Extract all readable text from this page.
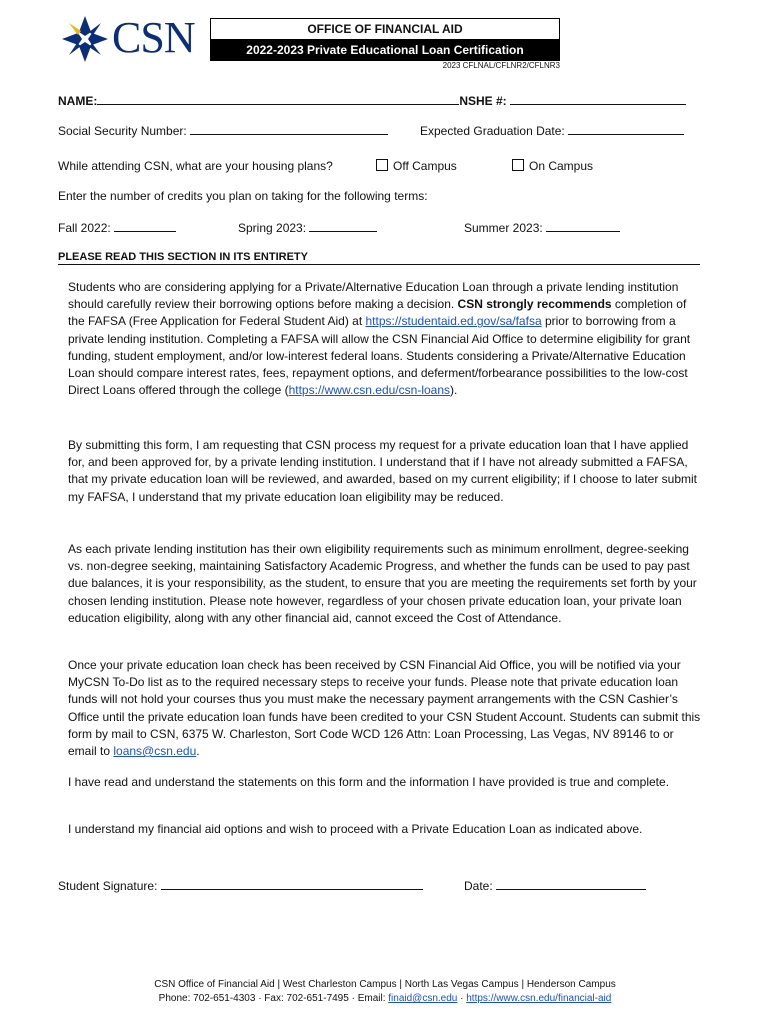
CSN	OFFICE OF FINANCIAL AID
2022-2023 Private Educational Loan Certification
2023 CFLNAL/CFLNR2/CFLNR3
NAME:	NSHE #:
Social Security Number:	Expected Graduation Date:
While attending CSN, what are your housing plans?	Off Campus	On Campus
Enter the number of credits you plan on taking for the following terms:
Fall 2022:	Spring 2023:	Summer 2023:
PLEASE READ THIS SECTION IN ITS ENTIRETY
Students who are considering applying for a Private/Alternative Education Loan through a private lending institution should carefully review their borrowing options before making a decision. CSN strongly recommends completion of the FAFSA (Free Application for Federal Student Aid) at https://studentaid.ed.gov/sa/fafsa prior to borrowing from a private lending institution. Completing a FAFSA will allow the CSN Financial Aid Office to determine eligibility for grant funding, student employment, and/or low-interest federal loans. Students considering a Private/Alternative Education Loan should compare interest rates, fees, repayment options, and deferment/forbearance possibilities to the low-cost Direct Loans offered through the college (https://www.csn.edu/csn-loans).
By submitting this form, I am requesting that CSN process my request for a private education loan that I have applied for, and been approved for, by a private lending institution. I understand that if I have not already submitted a FAFSA, that my private education loan will be reviewed, and awarded, based on my current eligibility; if I choose to later submit my FAFSA, I understand that my private education loan eligibility may be reduced.
As each private lending institution has their own eligibility requirements such as minimum enrollment, degree-seeking vs. non-degree seeking, maintaining Satisfactory Academic Progress, and whether the funds can be used to pay past due balances, it is your responsibility, as the student, to ensure that you are meeting the requirements set forth by your chosen lending institution. Please note however, regardless of your chosen private education loan, your private loan education eligibility, along with any other financial aid, cannot exceed the Cost of Attendance.
Once your private education loan check has been received by CSN Financial Aid Office, you will be notified via your MyCSN To-Do list as to the required necessary steps to receive your funds. Please note that private education loan funds will not hold your courses thus you must make the necessary payment arrangements with the CSN Cashier’s Office until the private education loan funds have been credited to your CSN Student Account. Students can submit this form by mail to CSN, 6375 W. Charleston, Sort Code WCD 126 Attn: Loan Processing, Las Vegas, NV 89146 to or email to loans@csn.edu.
I have read and understand the statements on this form and the information I have provided is true and complete.
I understand my financial aid options and wish to proceed with a Private Education Loan as indicated above.
Student Signature:	Date:
CSN Office of Financial Aid | West Charleston Campus | North Las Vegas Campus | Henderson Campus
Phone: 702-651-4303 · Fax: 702-651-7495 · Email: finaid@csn.edu · https://www.csn.edu/financial-aid
